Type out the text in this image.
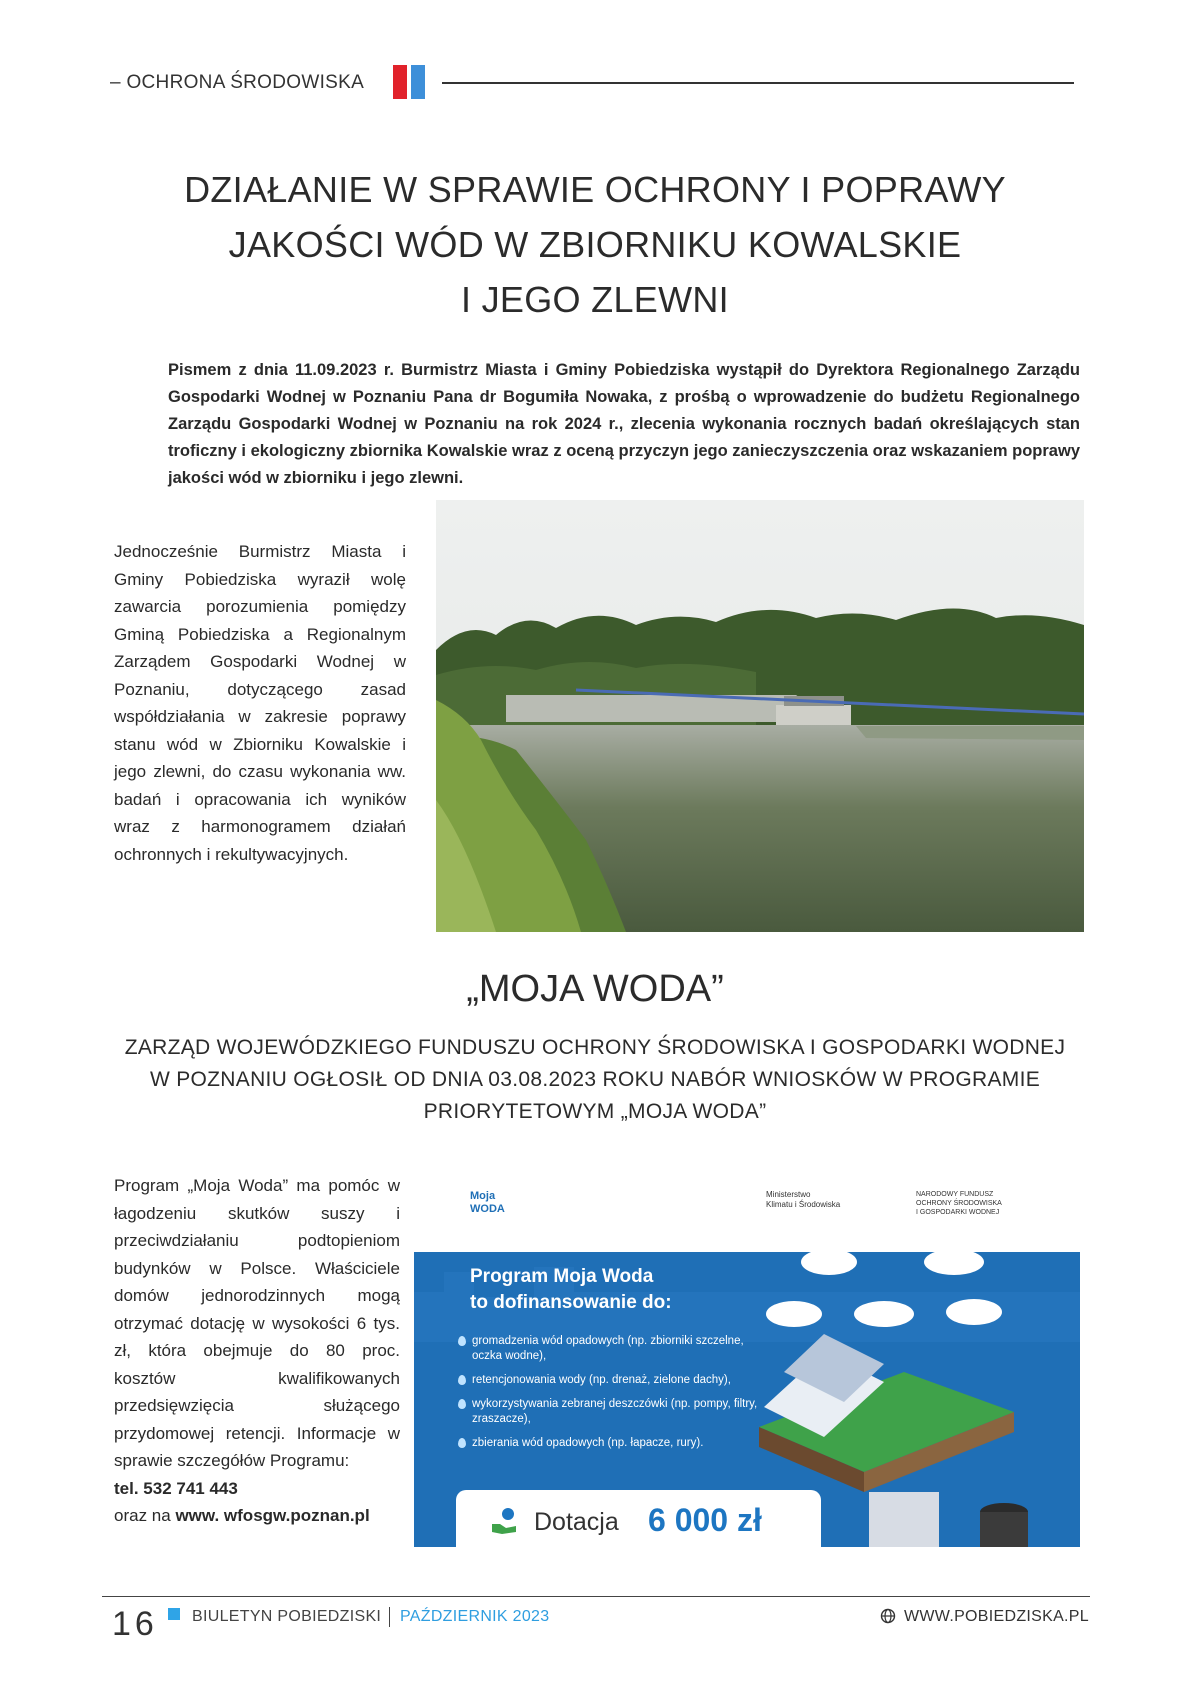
– OCHRONA ŚRODOWISKA
DZIAŁANIE W SPRAWIE OCHRONY I POPRAWY
JAKOŚCI WÓD W ZBIORNIKU KOWALSKIE
I JEGO ZLEWNI
Pismem z dnia 11.09.2023 r. Burmistrz Miasta i Gminy Pobiedziska wystąpił do Dyrektora Regionalnego Zarządu Gospodarki Wodnej w Poznaniu Pana dr Bogumiła Nowaka, z prośbą o wprowadzenie do budżetu Regionalnego Zarządu Gospodarki Wodnej w Poznaniu na rok 2024 r., zlecenia wykonania rocznych badań określających stan troficzny i ekologiczny zbiornika Kowalskie wraz z oceną przyczyn jego zanieczyszczenia oraz wskazaniem poprawy jakości wód w zbiorniku i jego zlewni.
Jednocześnie Burmistrz Miasta i Gminy Pobiedziska wyraził wolę zawarcia porozumienia pomiędzy Gminą Pobiedziska a Regionalnym Zarządem Gospodarki Wodnej w Poznaniu, dotyczącego zasad współdziałania w zakresie poprawy stanu wód w Zbiorniku Kowalskie i jego zlewni, do czasu wykonania ww. badań i opracowania ich wyników wraz z harmonogramem działań ochronnych i rekultywacyjnych.
„MOJA WODA”
ZARZĄD WOJEWÓDZKIEGO FUNDUSZU OCHRONY ŚRODOWISKA I GOSPODARKI WODNEJ
W POZNANIU OGŁOSIŁ OD DNIA 03.08.2023 ROKU NABÓR WNIOSKÓW W PROGRAMIE
PRIORYTETOWYM „MOJA WODA”
Program „Moja Woda” ma pomóc w łagodzeniu skutków suszy i przeciwdziałaniu podtopieniom budynków w Polsce. Właściciele domów jednorodzinnych mogą otrzymać dotację w wysokości 6 tys. zł, która obejmuje do 80 proc. kosztów kwalifikowanych przedsięwzięcia służącego przydomowej retencji. Informacje w sprawie szczegółów Programu:
tel. 532 741 443
oraz na www. wfosgw.poznan.pl
Moja
WODA
Ministerstwo
Klimatu i Środowiska
NARODOWY FUNDUSZ
OCHRONY ŚRODOWISKA
I GOSPODARKI WODNEJ
Program Moja Woda
to dofinansowanie do:
gromadzenia wód opadowych (np. zbiorniki szczelne, oczka wodne),
retencjonowania wody (np. drenaż, zielone dachy),
wykorzystywania zebranej deszczówki (np. pompy, filtry, zraszacze),
zbierania wód opadowych (np. łapacze, rury).
Dotacja 6 000 zł
16 BIULETYN POBIEDZISKI PAŹDZIERNIK 2023	WWW.POBIEDZISKA.PL
